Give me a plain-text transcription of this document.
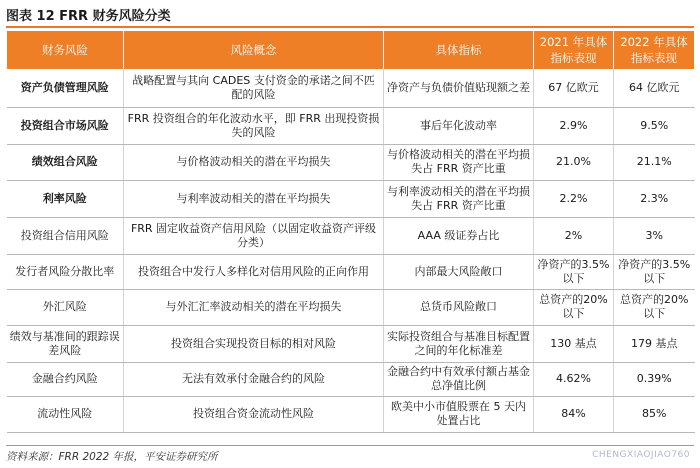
图表 12 FRR 财务风险分类
财务风险	风险概念	具体指标	2021 年具体指标表现	2022 年具体指标表现
资产负债管理风险	战略配置与其向 CADES 支付资金的承诺之间不匹配的风险	净资产与负债价值贴现额之差	67 亿欧元	64 亿欧元
投资组合市场风险	FRR 投资组合的年化波动水平，即 FRR 出现投资损失的风险	事后年化波动率	2.9%	9.5%
绩效组合风险	与价格波动相关的潜在平均损失	与价格波动相关的潜在平均损失占 FRR 资产比重	21.0%	21.1%
利率风险	与利率波动相关的潜在平均损失	与利率波动相关的潜在平均损失占 FRR 资产比重	2.2%	2.3%
投资组合信用风险	FRR 固定收益资产信用风险（以固定收益资产评级分类）	AAA 级证券占比	2%	3%
发行者风险分散比率	投资组合中发行人多样化对信用风险的正向作用	内部最大风险敞口	净资产的3.5%以下	净资产的3.5%以下
外汇风险	与外汇汇率波动相关的潜在平均损失	总货币风险敞口	总资产的20%以下	总资产的20%以下
绩效与基准间的跟踪误差风险	投资组合实现投资目标的相对风险	实际投资组合与基准目标配置之间的年化标准差	130 基点	179 基点
金融合约风险	无法有效承付金融合约的风险	金融合约中有效承付额占基金总净值比例	4.62%	0.39%
流动性风险	投资组合资金流动性风险	欧美中小市值股票在 5 天内处置占比	84%	85%
资料来源：FRR 2022 年报，平安证券研究所	CHENGXIAOJIAO760
